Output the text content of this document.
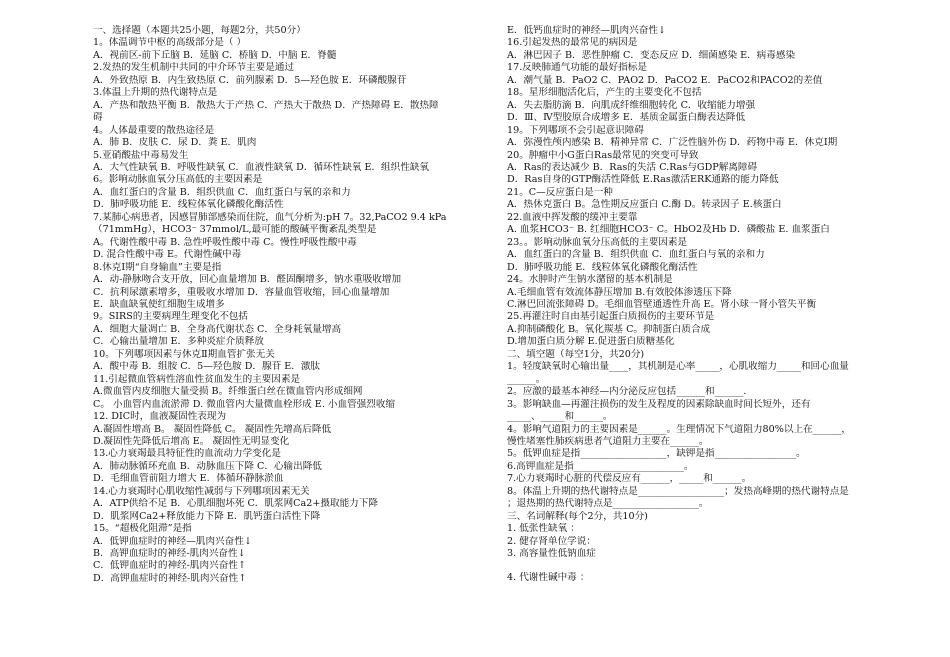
一、选择题（本题共25小题，每题2分，共50分）
1。体温调节中枢的高级部分是（ ）
A．视前区-前下丘脑 B．延脑 C．桥脑 D．中脑 E．脊髓
2.发热的发生机制中共同的中介环节主要是通过
A．外致热原 B．内生致热原 C．前列腺素 D．5—羟色胺 E．环磷酸腺苷
3.体温上升期的热代谢特点是
A．产热和散热平衡 B．散热大于产热 C．产热大于散热 D．产热障碍 E．散热障
碍
4。人体最重要的散热途径是
A．肺 B．皮肤 C．尿 D．粪 E．肌肉
5.亚硝酸盐中毒易发生
A．大气性缺氧 B．呼吸性缺氧 C．血液性缺氧 D．循环性缺氧 E．组织性缺氧
6。影响动脉血氧分压高低的主要因素是
A．血红蛋白的含量 B．组织供血 C．血红蛋白与氧的亲和力
D．肺呼吸功能 E．线粒体氧化磷酸化酶活性
7.某肺心病患者，因感冒肺部感染而住院，血气分析为:pH 7。32,PaCO2 9.4 kPa
（71mmHg），HCO3⁻ 37mmol/L,最可能的酸碱平衡紊乱类型是
A。代谢性酸中毒 B. 急性呼吸性酸中毒 C。慢性呼吸性酸中毒
D. 混合性酸中毒 E。代谢性碱中毒
8.休克Ⅰ期“自身输血”主要是指
A．动-静脉吻合支开放，回心血量增加 B．醛固酮增多，钠水重吸收增加
C．抗利尿激素增多，重吸收水增加 D．容量血管收缩，回心血量增加
E．缺血缺氧使红细胞生成增多
9。SIRS的主要病理生理变化不包括
A．细胞大量凋亡 B．全身高代谢状态 C．全身耗氧量增高
C．心输出量增加 E．多种炎症介质释放
10。下列哪项因素与休克Ⅱ期血管扩张无关
A．酸中毒 B．组胺 C．5—羟色胺 D．腺苷 E．激肽
11.引起微血管病性溶血性贫血发生的主要因素是
A.微血管内皮细胞大量受损 B。纤维蛋白丝在微血管内形成细网
C。 小血管内血流淤滞 D. 微血管内大量微血栓形成 E. 小血管强烈收缩
12. DIC时，血液凝固性表现为
A.凝固性增高 B。 凝固性降低 C。 凝固性先增高后降低
D.凝固性先降低后增高 E。 凝固性无明显变化
13.心力衰竭最具特征性的血流动力学变化是
A．肺动脉循环充血 B．动脉血压下降 C．心输出降低
D．毛细血管前阻力增大 E．体循环静脉淤血
14.心力衰竭时心肌收缩性减弱与下列哪项因素无关
A．ATP供给不足 B．心肌细胞坏死 C．肌浆网Ca2+摄取能力下降
D．肌浆网Ca2+释放能力下降 E．肌钙蛋白活性下降
15。“超极化阻滞”是指
A．低钾血症时的神经—肌肉兴奋性↓
B．高钾血症时的神经-肌肉兴奋性↓
C．低钾血症时的神经-肌肉兴奋性↑
D．高钾血症时的神经-肌肉兴奋性↑
E．低钙血症时的神经—肌肉兴奋性↓
16.引起发热的最常见的病因是
A．淋巴因子 B．恶性肿瘤 C．变态反应 D．细菌感染 E．病毒感染
17.反映肺通气功能的最好指标是
A．潮气量 B．PaO2 C．PAO2 D．PaCO2 E．PaCO2和PACO2的差值
18。星形细胞活化后，产生的主要变化不包括
A．失去脂肪滴 B．向肌成纤维细胞转化 C．收缩能力增强
D．Ⅲ、Ⅳ型胶原合成增多 E．基质金属蛋白酶表达降低
19。下列哪项不会引起意识障碍
A．弥漫性颅内感染 B．精神异常 C．广泛性脑外伤 D．药物中毒 E．休克Ⅰ期
20。肿瘤中小G蛋白Ras最常见的突变可导致
A．Ras的表达减少 B．Ras的失活 C.Ras与GDP解离障碍
D．Ras自身的GTP酶活性降低 E.Ras激活ERK通路的能力降低
21。C—反应蛋白是一种
A．热休克蛋白 B。急性期反应蛋白 C.酶 D。转录因子 E.核蛋白
22.血液中挥发酸的缓冲主要靠
A. 血浆HCO3⁻ B. 红细胞HCO3⁻ C。HbO2及Hb D．磷酸盐 E. 血浆蛋白
23。。影响动脉血氧分压高低的主要因素是
A．血红蛋白的含量 B．组织供血 C．血红蛋白与氧的亲和力
D．肺呼吸功能 E．线粒体氧化磷酸化酶活性
24。水肿时产生钠水潴留的基本机制是
A.毛细血管有效流体静压增加 B.有效胶体渗透压下降
C.淋巴回流张障碍 D。毛细血管壁通透性升高 E。肾小球一肾小管失平衡
25.再灌注时自由基引起蛋白质损伤的主要环节是
A.抑制磷酸化 B。氧化羰基 C。抑制蛋白质合成
D.增加蛋白质分解 E.促进蛋白质糖基化
二、填空题（每空1分，共20分)
1。轻度缺氧时心输出量____，其机制是心率_____，心肌收缩力_____和回心血量
______。
2。应激的最基本神经—内分泌反应包括______和______.
3。影响缺血—再灌注损伤的发生及程度的因素除缺血时间长短外，还有
_____、_____和______。
4。影响气道阻力的主要因素是______。生理情况下气道阻力80%以上在______，
慢性堵塞性肺疾病患者气道阻力主要在______。
5。低钾血症是指__________________，缺钾是指_________________。
6.高钾血症是指_______________________。
7.心力衰竭时心脏的代偿反应有______，_____和______。
8。体温上升期的热代谢特点是__________________；发热高峰期的热代谢特点是
；退热期的热代谢特点是__________________。
三、名词解释(每个2分，共10分)
1. 低张性缺氧 ：
2. 健存肾单位学说：
3. 高容量性低钠血症
4. 代谢性碱中毒 ：
